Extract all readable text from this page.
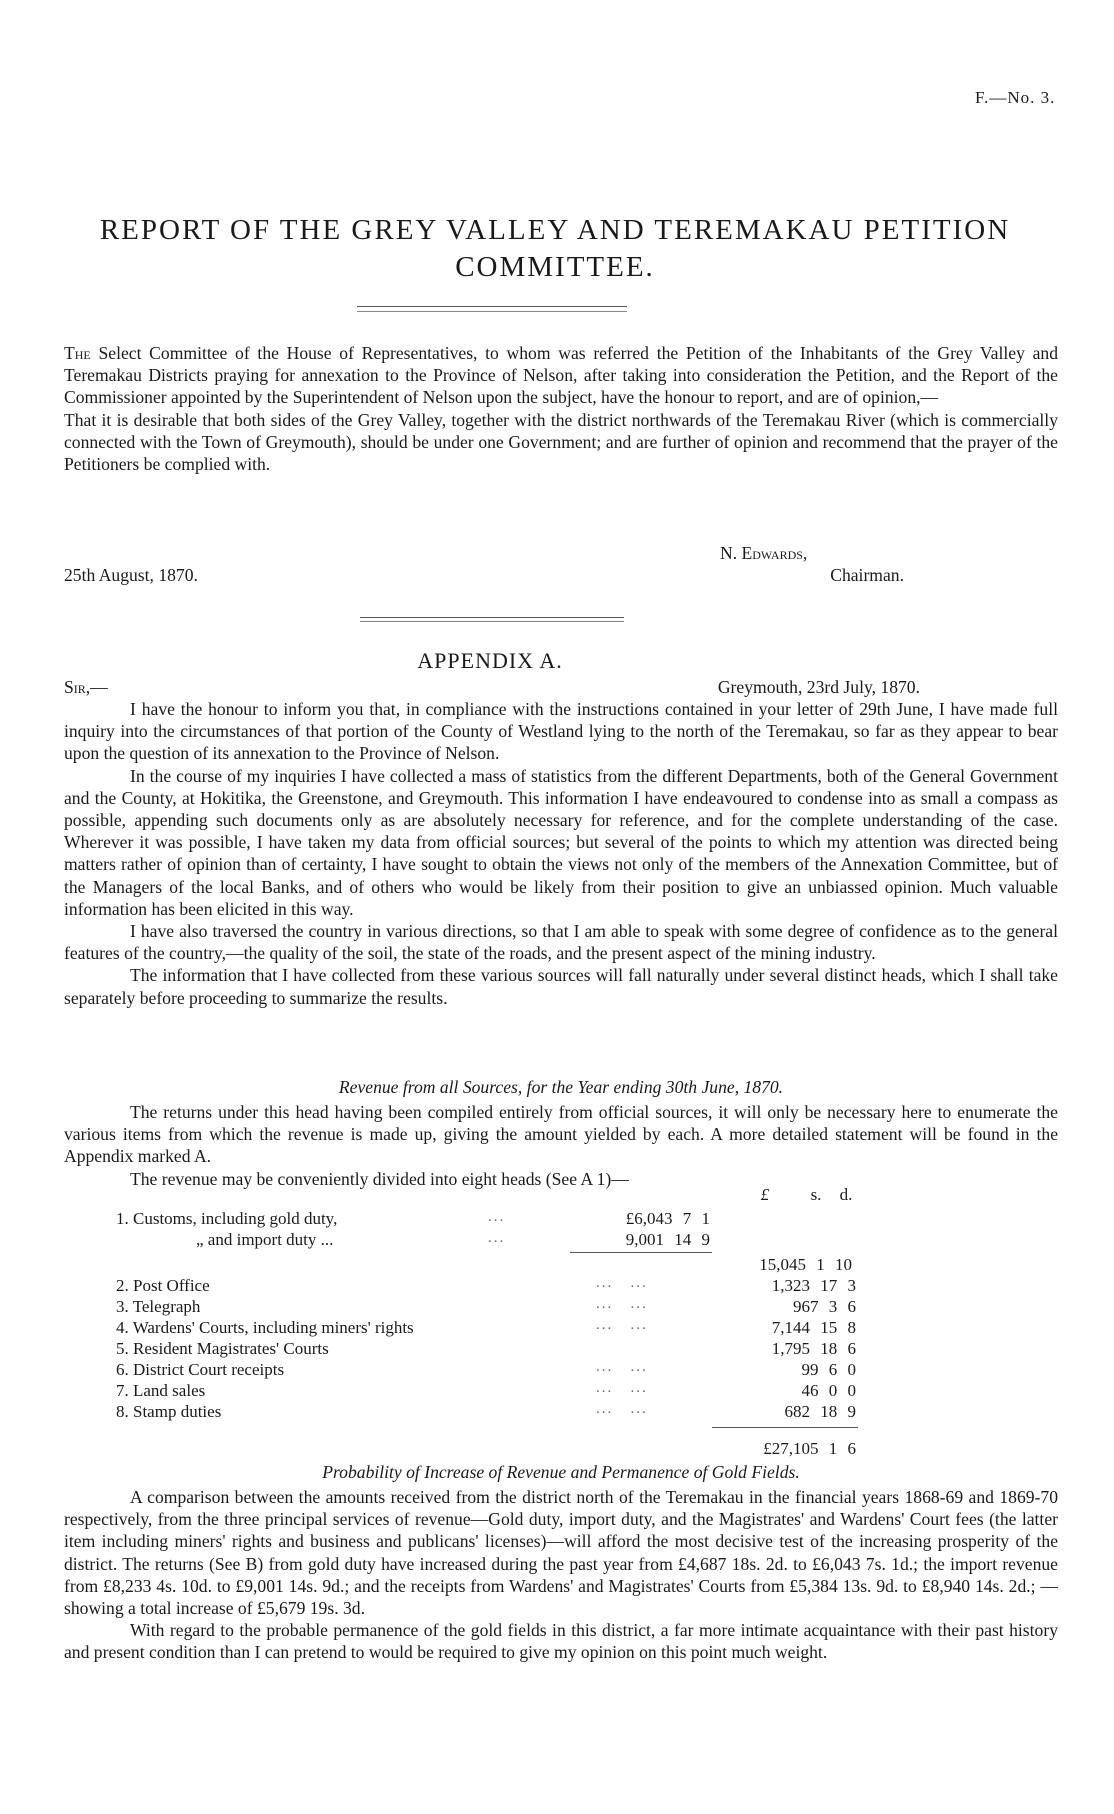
F.—No. 3.
REPORT OF THE GREY VALLEY AND TEREMAKAU PETITION
COMMITTEE.

The Select Committee of the House of Representatives, to whom was referred the Petition of the Inhabitants of the Grey Valley and Teremakau Districts praying for annexation to the Province of Nelson, after taking into consideration the Petition, and the Report of the Commissioner appointed by the Superintendent of Nelson upon the subject, have the honour to report, and are of opinion,—

That it is desirable that both sides of the Grey Valley, together with the district northwards of the Teremakau River (which is commercially connected with the Town of Greymouth), should be under one Government; and are further of opinion and recommend that the prayer of the Petitioners be complied with.

N. Edwards,
25th August, 1870.	Chairman.
APPENDIX A.
Sir,—	Greymouth, 23rd July, 1870.

I have the honour to inform you that, in compliance with the instructions contained in your letter of 29th June, I have made full inquiry into the circumstances of that portion of the County of Westland lying to the north of the Teremakau, so far as they appear to bear upon the question of its annexation to the Province of Nelson.

In the course of my inquiries I have collected a mass of statistics from the different Departments, both of the General Government and the County, at Hokitika, the Greenstone, and Greymouth. This information I have endeavoured to condense into as small a compass as possible, appending such documents only as are absolutely necessary for reference, and for the complete understanding of the case. Wherever it was possible, I have taken my data from official sources; but several of the points to which my attention was directed being matters rather of opinion than of certainty, I have sought to obtain the views not only of the members of the Annexation Committee, but of the Managers of the local Banks, and of others who would be likely from their position to give an unbiassed opinion. Much valuable information has been elicited in this way.

I have also traversed the country in various directions, so that I am able to speak with some degree of confidence as to the general features of the country,—the quality of the soil, the state of the roads, and the present aspect of the mining industry.

The information that I have collected from these various sources will fall naturally under several distinct heads, which I shall take separately before proceeding to summarize the results.

Revenue from all Sources, for the Year ending 30th June, 1870.

The returns under this head having been compiled entirely from official sources, it will only be necessary here to enumerate the various items from which the revenue is made up, giving the amount yielded by each. A more detailed statement will be found in the Appendix marked A.

The revenue may be conveniently divided into eight heads (See A 1)—

£	s. d.
1. Customs, including gold duty,	...	£6,043 7 1
„ and import duty ...	...	9,001 14 9
15,045 1 10
2. Post Office	...   ...	1,323 17 3
3. Telegraph	...   ...	967 3 6
4. Wardens' Courts, including miners' rights	...   ...	7,144 15 8
5. Resident Magistrates' Courts	1,795 18 6
6. District Court receipts	...   ...	99 6 0
7. Land sales	...   ...	46 0 0
8. Stamp duties	...   ...	682 18 9
£27,105 1 6
Probability of Increase of Revenue and Permanence of Gold Fields.

A comparison between the amounts received from the district north of the Teremakau in the financial years 1868-69 and 1869-70 respectively, from the three principal services of revenue—Gold duty, import duty, and the Magistrates' and Wardens' Court fees (the latter item including miners' rights and business and publicans' licenses)—will afford the most decisive test of the increasing prosperity of the district. The returns (See B) from gold duty have increased during the past year from £4,687 18s. 2d. to £6,043 7s. 1d.; the import revenue from £8,233 4s. 10d. to £9,001 14s. 9d.; and the receipts from Wardens' and Magistrates' Courts from £5,384 13s. 9d. to £8,940 14s. 2d.; —showing a total increase of £5,679 19s. 3d.

With regard to the probable permanence of the gold fields in this district, a far more intimate acquaintance with their past history and present condition than I can pretend to would be required to give my opinion on this point much weight.
